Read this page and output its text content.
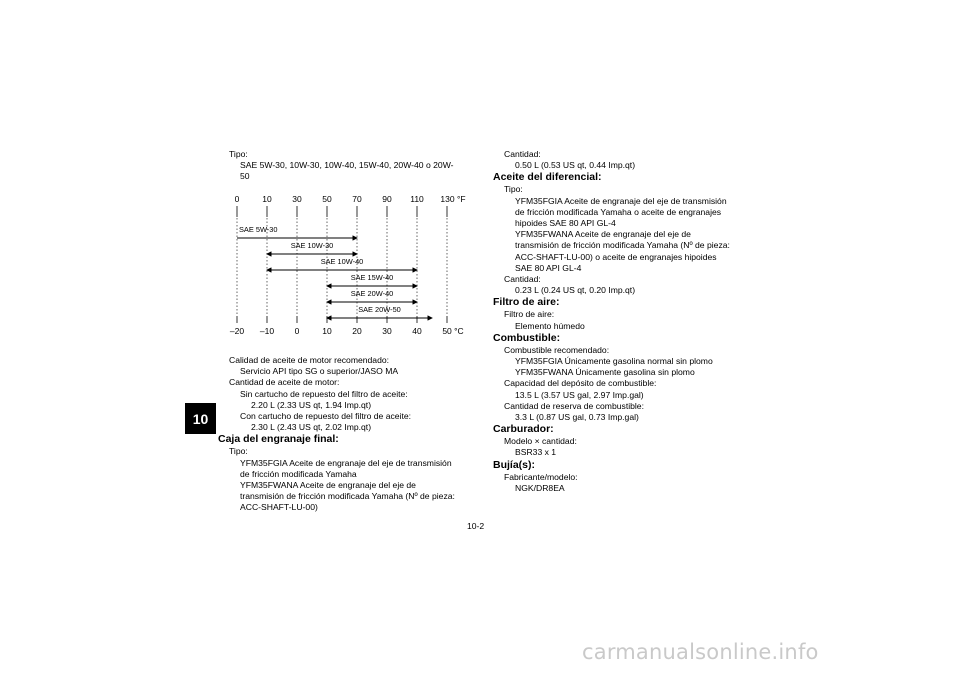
10
Tipo:
SAE 5W-30, 10W-30, 10W-40, 15W-40, 20W-40 o 20W-
50
0
–20
10
–10
30
0
50
10
70
20
90
30
110
40
130 °F
50 °C
SAE 5W-30
SAE 10W-30
SAE 10W-40
SAE 15W-40
SAE 20W-40
SAE 20W-50
Calidad de aceite de motor recomendado:
Servicio API tipo SG o superior/JASO MA
Cantidad de aceite de motor:
Sin cartucho de repuesto del filtro de aceite:
2.20 L (2.33 US qt, 1.94 Imp.qt)
Con cartucho de repuesto del filtro de aceite:
2.30 L (2.43 US qt, 2.02 Imp.qt)
Caja del engranaje final:
Tipo:
YFM35FGIA Aceite de engranaje del eje de transmisión
de fricción modificada Yamaha
YFM35FWANA Aceite de engranaje del eje de
transmisión de fricción modificada Yamaha (Nº de pieza:
ACC-SHAFT-LU-00)
Cantidad:
0.50 L (0.53 US qt, 0.44 Imp.qt)
Aceite del diferencial:
Tipo:
YFM35FGIA Aceite de engranaje del eje de transmisión
de fricción modificada Yamaha o aceite de engranajes
hipoides SAE 80 API GL-4
YFM35FWANA Aceite de engranaje del eje de
transmisión de fricción modificada Yamaha (Nº de pieza:
ACC-SHAFT-LU-00) o aceite de engranajes hipoides
SAE 80 API GL-4
Cantidad:
0.23 L (0.24 US qt, 0.20 Imp.qt)
Filtro de aire:
Filtro de aire:
Elemento húmedo
Combustible:
Combustible recomendado:
YFM35FGIA Únicamente gasolina normal sin plomo
YFM35FWANA Únicamente gasolina sin plomo
Capacidad del depósito de combustible:
13.5 L (3.57 US gal, 2.97 Imp.gal)
Cantidad de reserva de combustible:
3.3 L (0.87 US gal, 0.73 Imp.gal)
Carburador:
Modelo × cantidad:
BSR33 x 1
Bujía(s):
Fabricante/modelo:
NGK/DR8EA
10-2
carmanualsonline.info
